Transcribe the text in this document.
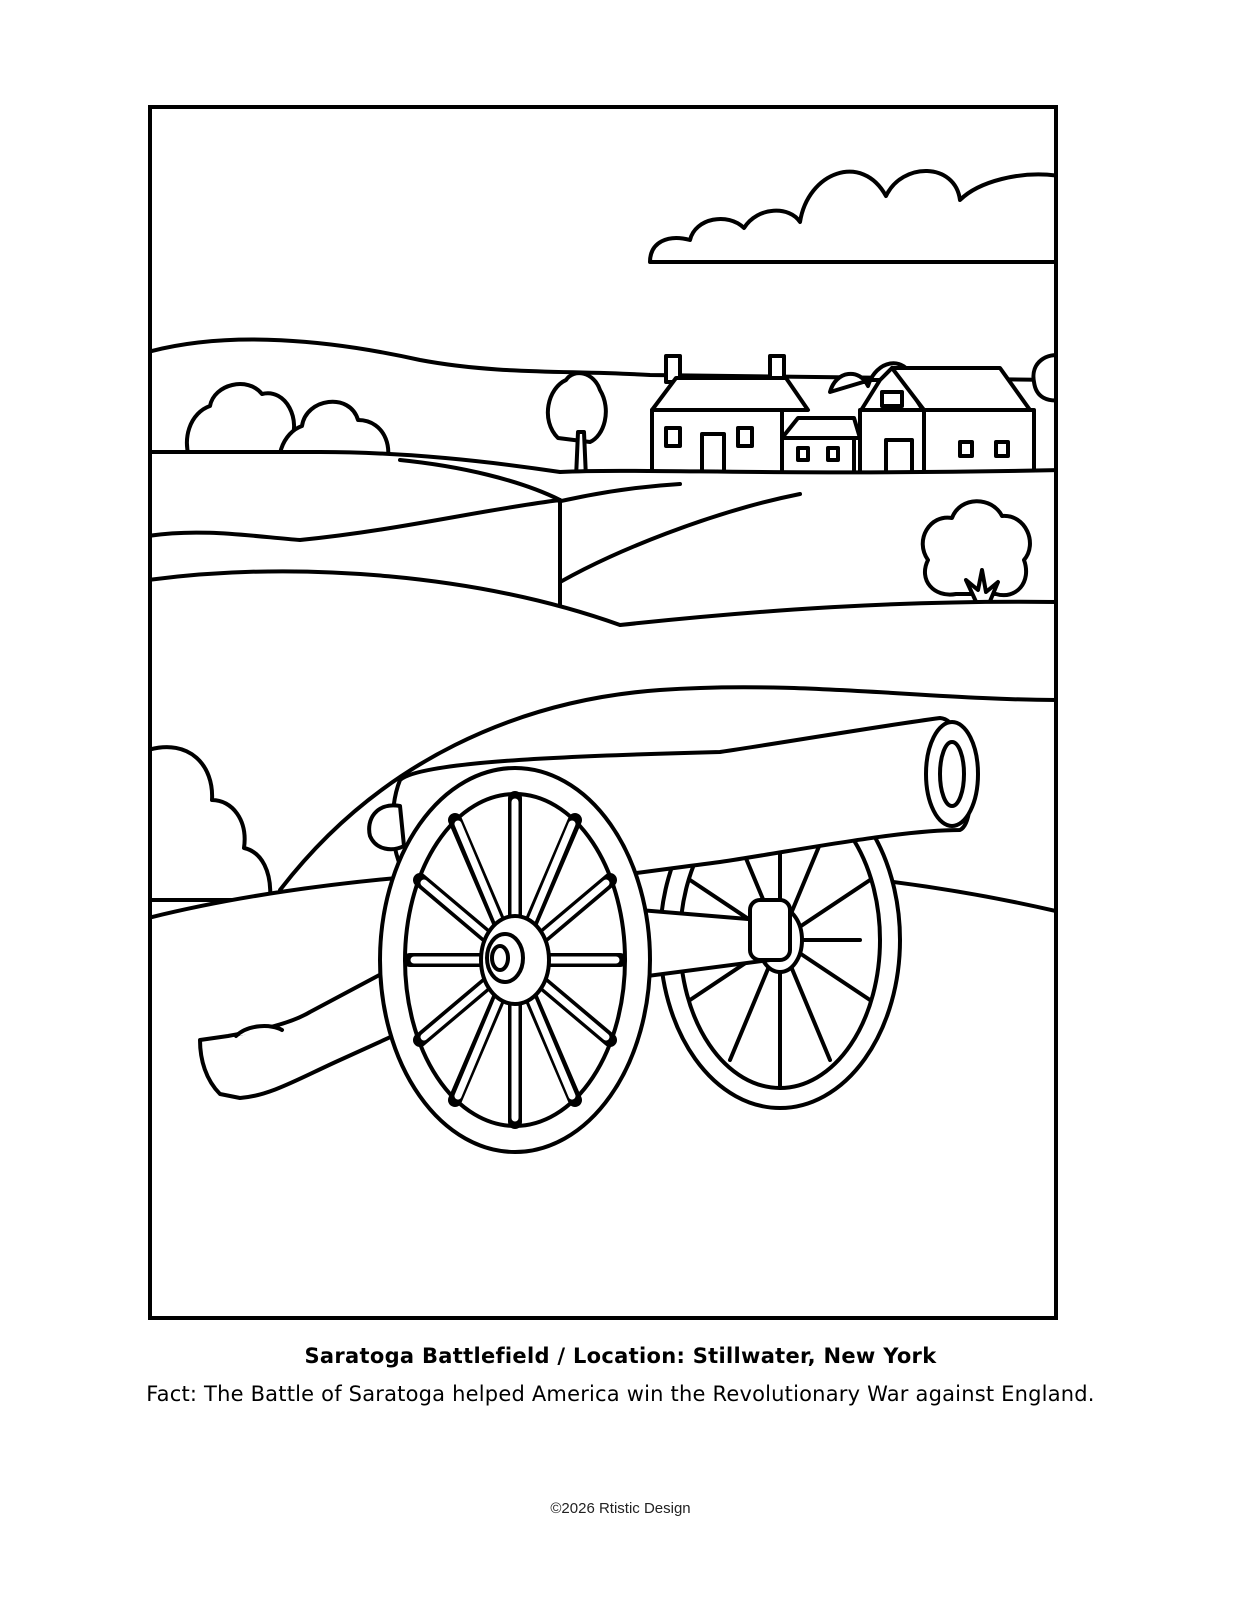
Saratoga Battlefield / Location: Stillwater, New York
Fact: The Battle of Saratoga helped America win the Revolutionary War against England.
©2026 Rtistic Design
